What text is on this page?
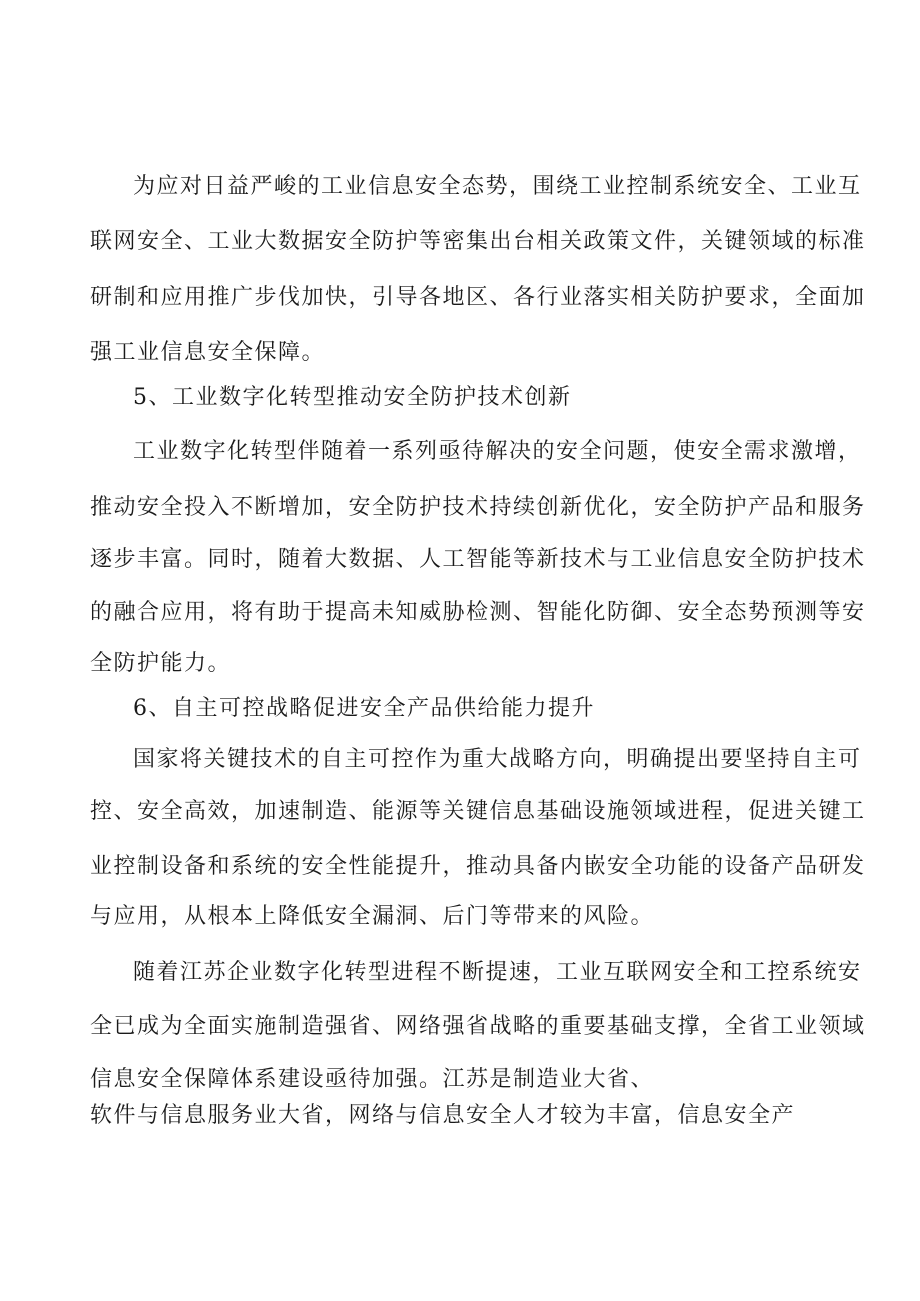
为应对日益严峻的工业信息安全态势，围绕工业控制系统安全、工业互
联网安全、工业大数据安全防护等密集出台相关政策文件，关键领域的标准
研制和应用推广步伐加快，引导各地区、各行业落实相关防护要求，全面加
强工业信息安全保障。
5、工业数字化转型推动安全防护技术创新
工业数字化转型伴随着一系列亟待解决的安全问题，使安全需求激增，
推动安全投入不断增加，安全防护技术持续创新优化，安全防护产品和服务
逐步丰富。同时，随着大数据、人工智能等新技术与工业信息安全防护技术
的融合应用，将有助于提高未知威胁检测、智能化防御、安全态势预测等安
全防护能力。
6、自主可控战略促进安全产品供给能力提升
国家将关键技术的自主可控作为重大战略方向，明确提出要坚持自主可
控、安全高效，加速制造、能源等关键信息基础设施领域进程，促进关键工
业控制设备和系统的安全性能提升，推动具备内嵌安全功能的设备产品研发
与应用，从根本上降低安全漏洞、后门等带来的风险。
随着江苏企业数字化转型进程不断提速，工业互联网安全和工控系统安
全已成为全面实施制造强省、网络强省战略的重要基础支撑，全省工业领域
信息安全保障体系建设亟待加强。江苏是制造业大省、
软件与信息服务业大省，网络与信息安全人才较为丰富，信息安全产
